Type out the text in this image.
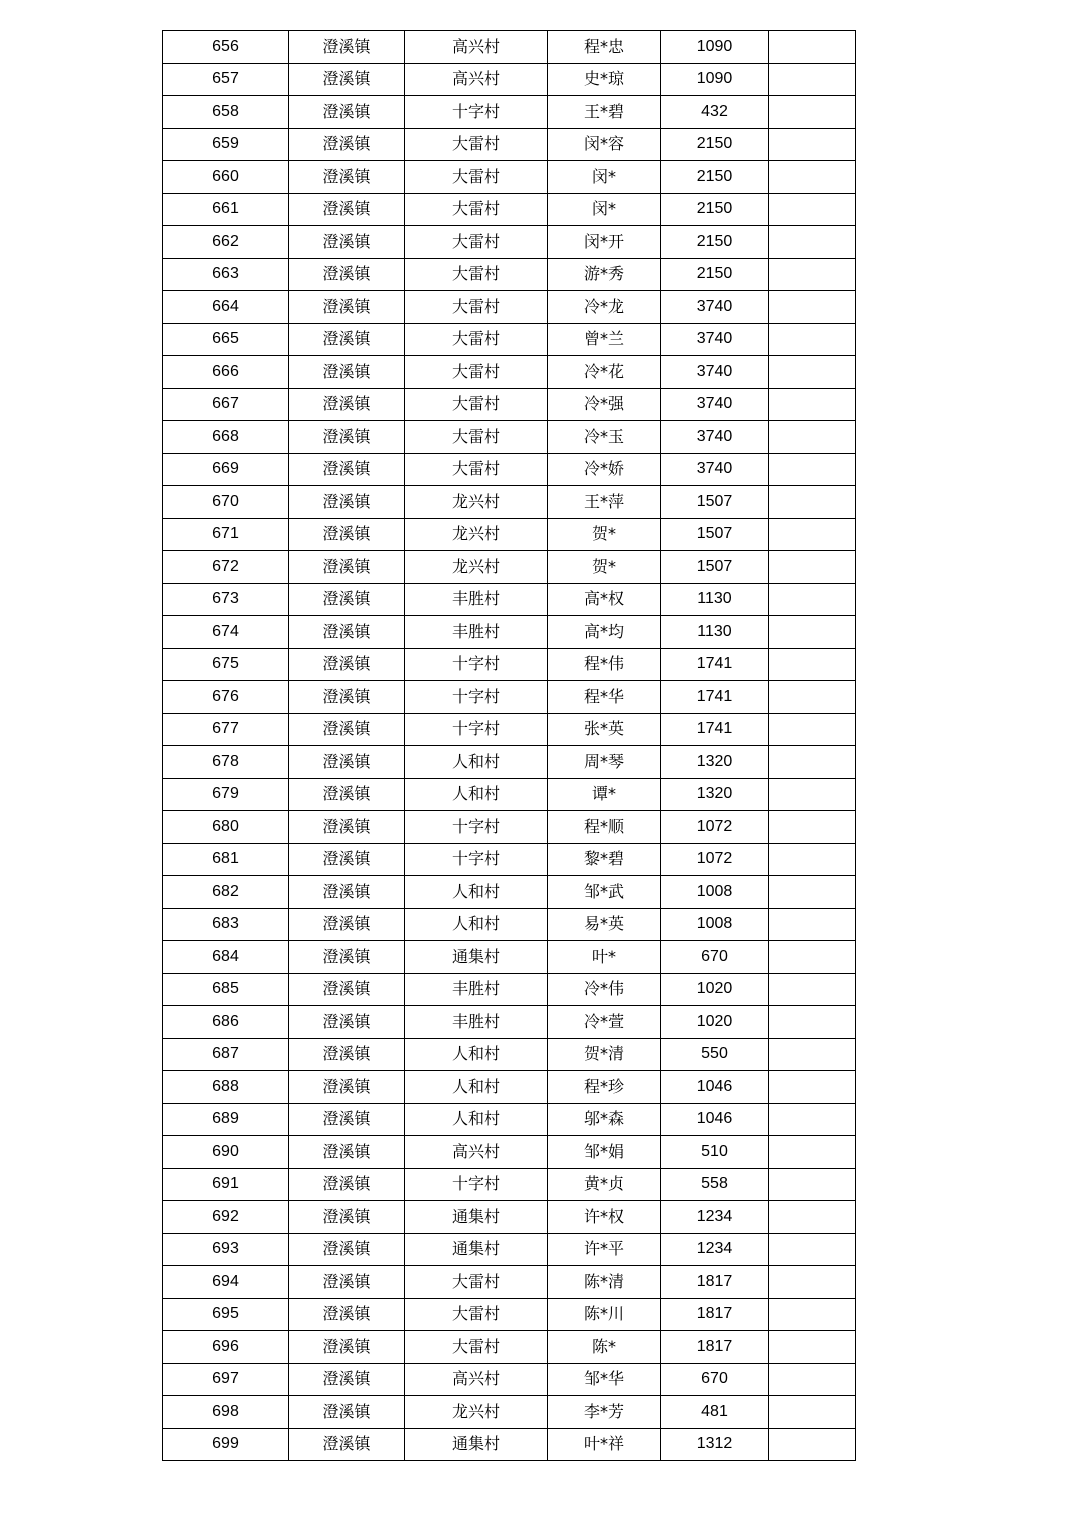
656	澄溪镇	高兴村	程*忠	1090	
657	澄溪镇	高兴村	史*琼	1090	
658	澄溪镇	十字村	王*碧	432	
659	澄溪镇	大雷村	闵*容	2150	
660	澄溪镇	大雷村	闵*	2150	
661	澄溪镇	大雷村	闵*	2150	
662	澄溪镇	大雷村	闵*开	2150	
663	澄溪镇	大雷村	游*秀	2150	
664	澄溪镇	大雷村	冷*龙	3740	
665	澄溪镇	大雷村	曾*兰	3740	
666	澄溪镇	大雷村	冷*花	3740	
667	澄溪镇	大雷村	冷*强	3740	
668	澄溪镇	大雷村	冷*玉	3740	
669	澄溪镇	大雷村	冷*娇	3740	
670	澄溪镇	龙兴村	王*萍	1507	
671	澄溪镇	龙兴村	贺*	1507	
672	澄溪镇	龙兴村	贺*	1507	
673	澄溪镇	丰胜村	高*权	1130	
674	澄溪镇	丰胜村	高*均	1130	
675	澄溪镇	十字村	程*伟	1741	
676	澄溪镇	十字村	程*华	1741	
677	澄溪镇	十字村	张*英	1741	
678	澄溪镇	人和村	周*琴	1320	
679	澄溪镇	人和村	谭*	1320	
680	澄溪镇	十字村	程*顺	1072	
681	澄溪镇	十字村	黎*碧	1072	
682	澄溪镇	人和村	邹*武	1008	
683	澄溪镇	人和村	易*英	1008	
684	澄溪镇	通集村	叶*	670	
685	澄溪镇	丰胜村	冷*伟	1020	
686	澄溪镇	丰胜村	冷*萱	1020	
687	澄溪镇	人和村	贺*清	550	
688	澄溪镇	人和村	程*珍	1046	
689	澄溪镇	人和村	邬*森	1046	
690	澄溪镇	高兴村	邹*娟	510	
691	澄溪镇	十字村	黄*贞	558	
692	澄溪镇	通集村	许*权	1234	
693	澄溪镇	通集村	许*平	1234	
694	澄溪镇	大雷村	陈*清	1817	
695	澄溪镇	大雷村	陈*川	1817	
696	澄溪镇	大雷村	陈*	1817	
697	澄溪镇	高兴村	邹*华	670	
698	澄溪镇	龙兴村	李*芳	481	
699	澄溪镇	通集村	叶*祥	1312	
